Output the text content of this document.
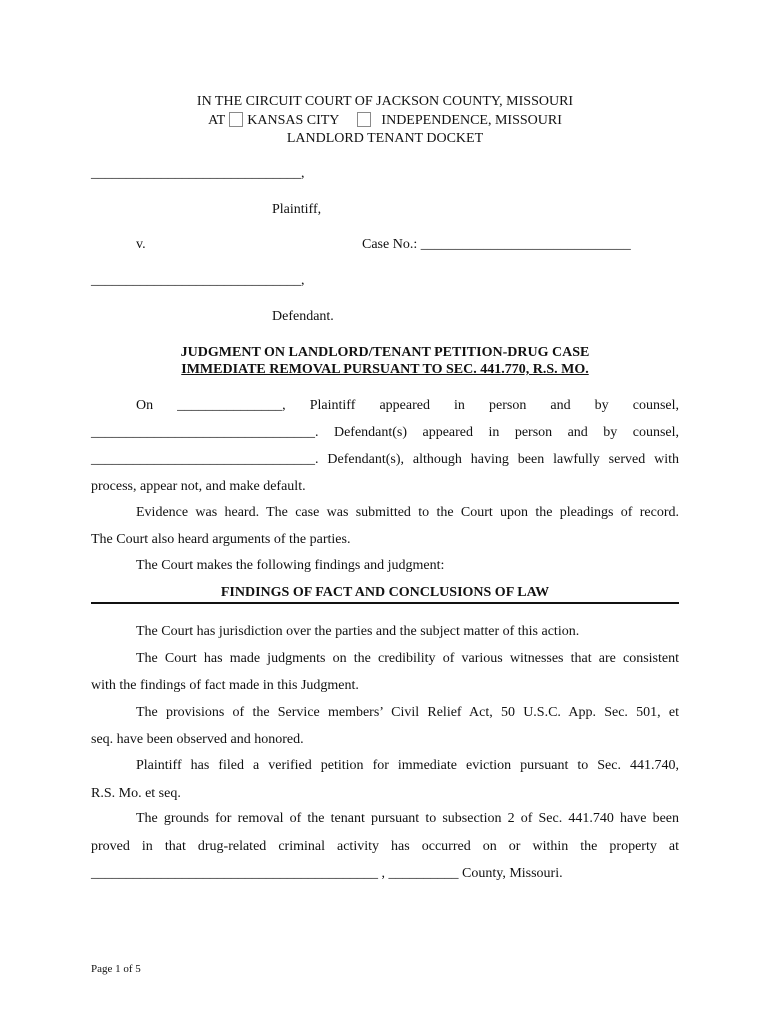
IN THE CIRCUIT COURT OF JACKSON COUNTY, MISSOURI
AT KANSAS CITY	INDEPENDENCE, MISSOURI
LANDLORD TENANT DOCKET
______________________________,
Plaintiff,
v.	Case No.: ______________________________
______________________________,
Defendant.
JUDGMENT ON LANDLORD/TENANT PETITION-DRUG CASE
IMMEDIATE REMOVAL PURSUANT TO SEC. 441.770, R.S. MO.
On _______________, Plaintiff appeared in person and by counsel,
________________________________. Defendant(s) appeared in person and by counsel,
________________________________. Defendant(s), although having been lawfully served with
process, appear not, and make default.
Evidence was heard. The case was submitted to the Court upon the pleadings of record.
The Court also heard arguments of the parties.
The Court makes the following findings and judgment:
FINDINGS OF FACT AND CONCLUSIONS OF LAW
The Court has jurisdiction over the parties and the subject matter of this action.
The Court has made judgments on the credibility of various witnesses that are consistent
with the findings of fact made in this Judgment.
The provisions of the Service members’ Civil Relief Act, 50 U.S.C. App. Sec. 501, et
seq. have been observed and honored.
Plaintiff has filed a verified petition for immediate eviction pursuant to Sec. 441.740,
R.S. Mo. et seq.
The grounds for removal of the tenant pursuant to subsection 2 of Sec. 441.740 have been
proved in that drug-related criminal activity has occurred on or within the property at
_________________________________________ , __________ County, Missouri.
Page 1 of 5
